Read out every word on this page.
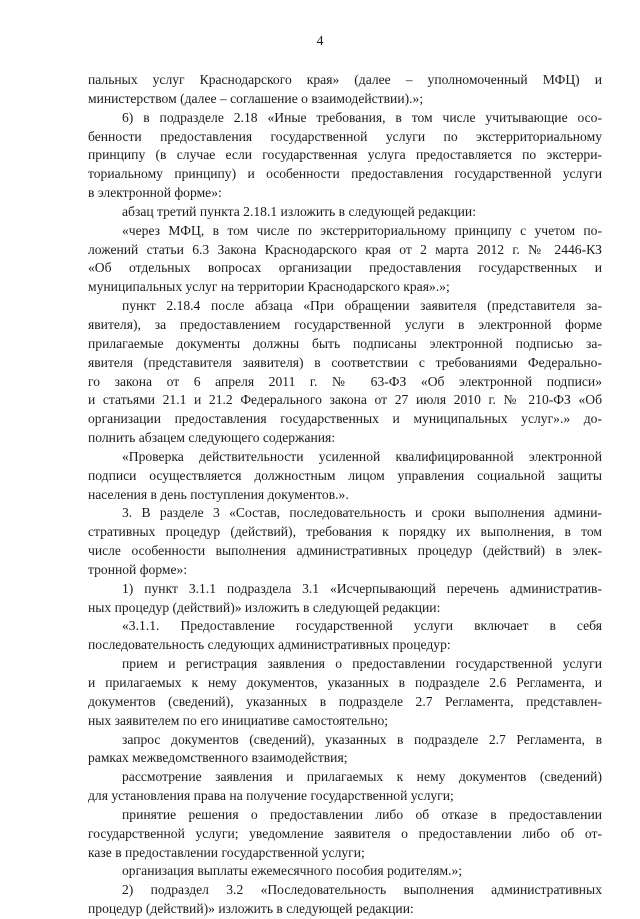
4
пальных услуг Краснодарского края» (далее – уполномоченный МФЦ) и
министерством (далее – соглашение о взаимодействии).»;
6) в подразделе 2.18 «Иные требования, в том числе учитывающие осо-
бенности предоставления государственной услуги по экстерриториальному
принципу (в случае если государственная услуга предоставляется по экстерри-
ториальному принципу) и особенности предоставления государственной услуги
в электронной форме»:
абзац третий пункта 2.18.1 изложить в следующей редакции:
«через МФЦ, в том числе по экстерриториальному принципу с учетом по-
ложений статьи 6.3 Закона Краснодарского края от 2 марта 2012 г. № 2446-КЗ
«Об отдельных вопросах организации предоставления государственных и
муниципальных услуг на территории Краснодарского края».»;
пункт 2.18.4 после абзаца «При обращении заявителя (представителя за-
явителя), за предоставлением государственной услуги в электронной форме
прилагаемые документы должны быть подписаны электронной подписью за-
явителя (представителя заявителя) в соответствии с требованиями Федерально-
го закона от 6 апреля 2011 г. № 63-ФЗ «Об электронной подписи»
и статьями 21.1 и 21.2 Федерального закона от 27 июля 2010 г. № 210-ФЗ «Об
организации предоставления государственных и муниципальных услуг».» до-
полнить абзацем следующего содержания:
«Проверка действительности усиленной квалифицированной электронной
подписи осуществляется должностным лицом управления социальной защиты
населения в день поступления документов.».
3. В разделе 3 «Состав, последовательность и сроки выполнения админи-
стративных процедур (действий), требования к порядку их выполнения, в том
числе особенности выполнения административных процедур (действий) в элек-
тронной форме»:
1) пункт 3.1.1 подраздела 3.1 «Исчерпывающий перечень административ-
ных процедур (действий)» изложить в следующей редакции:
«3.1.1. Предоставление государственной услуги включает в себя
последовательность следующих административных процедур:
прием и регистрация заявления о предоставлении государственной услуги
и прилагаемых к нему документов, указанных в подразделе 2.6 Регламента, и
документов (сведений), указанных в подразделе 2.7 Регламента, представлен-
ных заявителем по его инициативе самостоятельно;
запрос документов (сведений), указанных в подразделе 2.7 Регламента, в
рамках межведомственного взаимодействия;
рассмотрение заявления и прилагаемых к нему документов (сведений)
для установления права на получение государственной услуги;
принятие решения о предоставлении либо об отказе в предоставлении
государственной услуги; уведомление заявителя о предоставлении либо об от-
казе в предоставлении государственной услуги;
организация выплаты ежемесячного пособия родителям.»;
2) подраздел 3.2 «Последовательность выполнения административных
процедур (действий)» изложить в следующей редакции:
